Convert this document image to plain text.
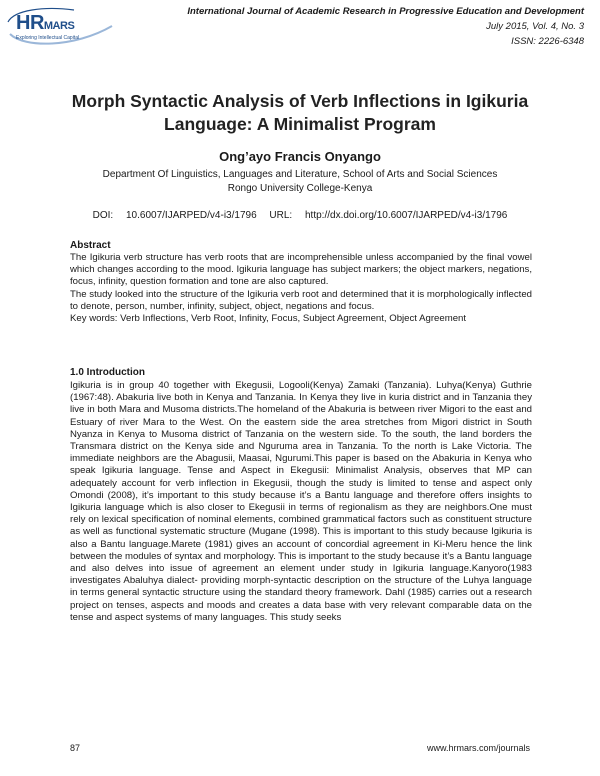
HRMARS
Exploring Intellectual Capital
International Journal of Academic Research in Progressive Education and Development
July 2015, Vol. 4, No. 3
ISSN: 2226-6348
Morph Syntactic Analysis of Verb Inflections in Igikuria Language: A Minimalist Program
Ong’ayo Francis Onyango
Department Of Linguistics, Languages and Literature, School of Arts and Social Sciences
Rongo University College-Kenya
DOI: 10.6007/IJARPED/v4-i3/1796 URL: http://dx.doi.org/10.6007/IJARPED/v4-i3/1796
Abstract

The Igikuria verb structure has verb roots that are incomprehensible unless accompanied by the final vowel which changes according to the mood. Igikuria language has subject markers; the object markers, negations, focus, infinity, question formation and tone are also captured.

The study looked into the structure of the Igikuria verb root and determined that it is morphologically inflected to denote, person, number, infinity, subject, object, negations and focus.

Key words: Verb Inflections, Verb Root, Infinity, Focus, Subject Agreement, Object Agreement

1.0 Introduction

Igikuria is in group 40 together with Ekegusii, Logooli(Kenya) Zamaki (Tanzania). Luhya(Kenya) Guthrie (1967:48). Abakuria live both in Kenya and Tanzania. In Kenya they live in kuria district and in Tanzania they live in both Mara and Musoma districts.The homeland of the Abakuria is between river Migori to the east and Estuary of river Mara to the West. On the eastern side the area stretches from Migori district in South Nyanza in Kenya to Musoma district of Tanzania on the western side. To the south, the land borders the Transmara district on the Kenya side and Nguruma area in Tanzania. To the north is Lake Victoria. The immediate neighbors are the Abagusii, Maasai, Ngurumi.This paper is based on the Abakuria in Kenya who speak Igikuria language. Tense and Aspect in Ekegusii: Minimalist Analysis, observes that MP can adequately account for verb inflection in Ekegusii, though the study is limited to tense and aspect only Omondi (2008), it’s important to this study because it’s a Bantu language and therefore offers insights to Igikuria language which is also closer to Ekegusii in terms of regionalism as they are neighbors.One must rely on lexical specification of nominal elements, combined grammatical factors such as constituent structure as well as functional systematic structure (Mugane (1998). This is important to this study because Igikuria is also a Bantu language.Marete (1981) gives an account of concordial agreement in Ki-Meru hence the link between the modules of syntax and morphology. This is important to the study because it’s a Bantu language and also delves into issue of agreement an element under study in Igikuria language.Kanyoro(1983 investigates Abaluhya dialect- providing morph-syntactic description on the structure of the Luhya language in terms general syntactic structure using the standard theory framework. Dahl (1985) carries out a research project on tenses, aspects and moods and creates a data base with very relevant comparable data on the tense and aspect systems of many languages. This study seeks

87	www.hrmars.com/journals
